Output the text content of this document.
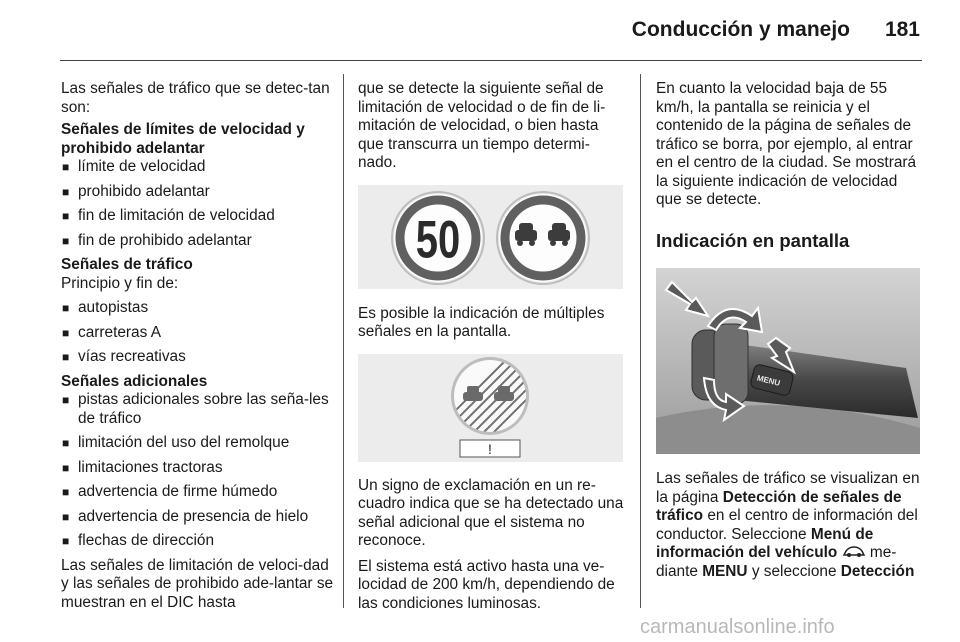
Conducción y manejo	181

Las señales de tráfico que se detec-tan son:

Señales de límites de velocidad y prohibido adelantar

■ límite de velocidad
■ prohibido adelantar
■ fin de limitación de velocidad
■ fin de prohibido adelantar

Señales de tráfico

Principio y fin de:

■ autopistas
■ carreteras A
■ vías recreativas

Señales adicionales

■ pistas adicionales sobre las seña-les de tráfico
■ limitación del uso del remolque
■ limitaciones tractoras
■ advertencia de firme húmedo
■ advertencia de presencia de hielo
■ flechas de dirección

Las señales de limitación de veloci-dad y las señales de prohibido ade-lantar se muestran en el DIC hasta

que se detecte la siguiente señal de limitación de velocidad o de fin de li-mitación de velocidad, o bien hasta que transcurra un tiempo determi-nado.

50

Es posible la indicación de múltiples señales en la pantalla.

!

Un signo de exclamación en un re-cuadro indica que se ha detectado una señal adicional que el sistema no reconoce.

El sistema está activo hasta una ve-locidad de 200 km/h, dependiendo de las condiciones luminosas.

En cuanto la velocidad baja de 55 km/h, la pantalla se reinicia y el contenido de la página de señales de tráfico se borra, por ejemplo, al entrar en el centro de la ciudad. Se mostrará la siguiente indicación de velocidad que se detecte.

Indicación en pantalla
MENU

Las señales de tráfico se visualizan en la página Detección de señales de tráfico en el centro de información del conductor. Seleccione Menú de información del vehículo  me-diante MENU y seleccione Detección

carmanualsonline.info
